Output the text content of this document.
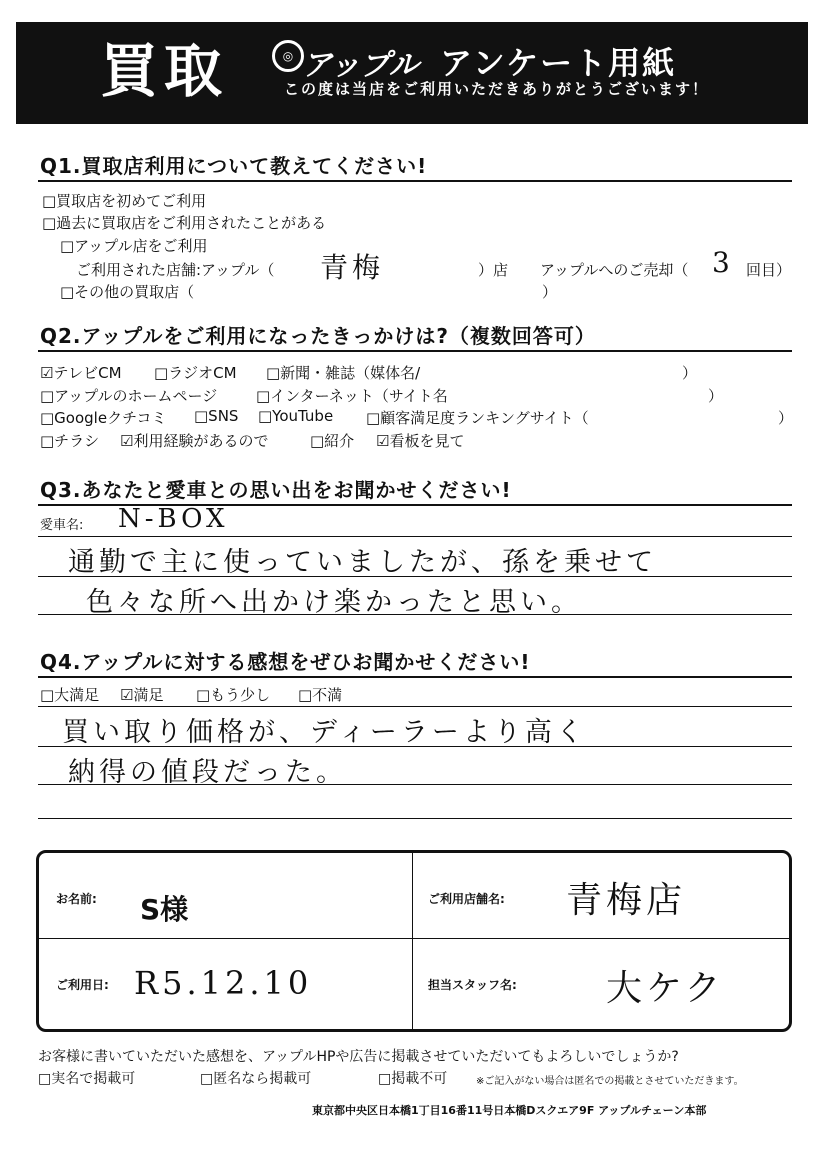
買取	◎ アップル アンケート用紙
この度は当店をご利用いただきありがとうございます！
Q1.買取店利用について教えてください!
□買取店を初めてご利用
□過去に買取店をご利用されたことがある
□アップル店をご利用
ご利用された店舗:アップル（ 青梅	）店 アップルへのご売却（ 3 回目）
□その他の買取店（	）
Q2.アップルをご利用になったきっかけは?（複数回答可）
☑テレビCM □ラジオCM □新聞・雑誌（媒体名/	）
□アップルのホームページ	□インターネット（サイト名	）
□Googleクチコミ □SNS □YouTube □顧客満足度ランキングサイト（	）
□チラシ ☑利用経験があるので	□紹介 ☑看板を見て
Q3.あなたと愛車との思い出をお聞かせください!
愛車名: N-BOX
通勤で主に使っていましたが、孫を乗せて
色々な所へ出かけ楽かったと思い。
Q4.アップルに対する感想をぜひお聞かせください!
□大満足 ☑満足 □もう少し □不満
買い取り価格が、ディーラーより高く
納得の値段だった。
お名前: S様	ご利用店舗名: 青梅店
ご利用日: R5.12.10	担当スタッフ名: 大ケク
お客様に書いていただいた感想を、アップルHPや広告に掲載させていただいてもよろしいでしょうか?
□実名で掲載可	□匿名なら掲載可	□掲載不可	※ご記入がない場合は匿名での掲載とさせていただきます。
東京都中央区日本橋1丁目16番11号日本橋Dスクエア9F アップルチェーン本部
